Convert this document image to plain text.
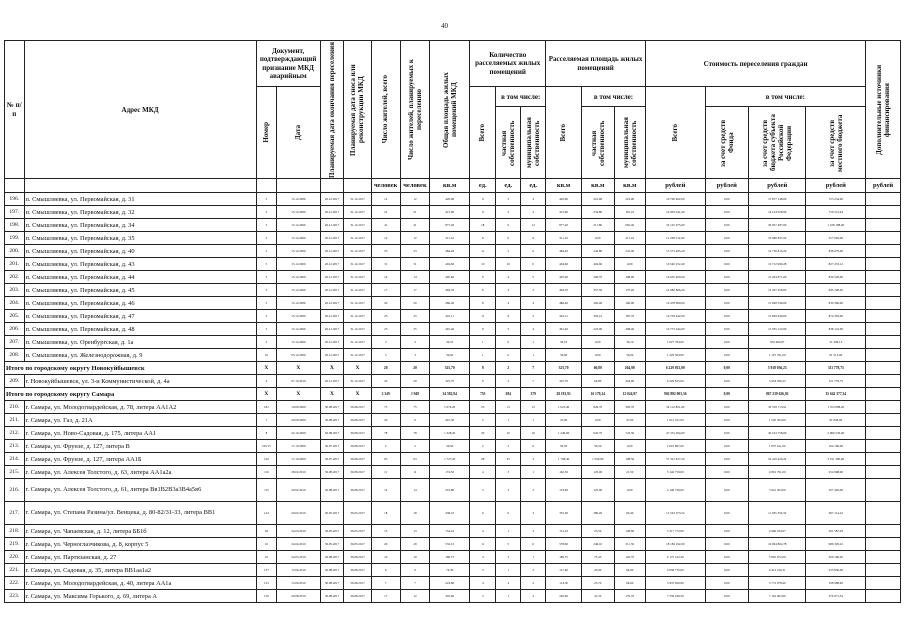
40
№ п/п	Адрес МКД	Документ, подтверждающий признание МКД аварийным		Планируемая дата окончания переселения	Планируемая дата сноса или реконструкции МКД	Число жителей, всего	Число жителей, планируемых к переселению	Общая площадь жилых помещений МКД	Количество расселяемых жилых помещений			Расселяемая площадь жилых помещений			Стоимость переселения граждан				Дополнительные источники финансирования

		Номер	Дата						Всего	в том числе:		Всего	в том числе:		Всего	в том числе:			

										частная собственность	муниципальная собственность		частная собственность	муниципальная собственность		за счет средств Фонда	за счет средств бюджета субъекта Российской Федерации	за счет средств местного бюджета	

						человек	человек	кв.м	ед.	ед.	ед.	кв.м	кв.м	кв.м	рублей	рублей	рублей	рублей	рублей
196.	п. Смышляевка, ул. Первомайская, д. 31	5	15.12.2006	20.12.2017	31.12.2017	12	12	420,90	9	5	4	420,90	201,90	219,00	16 700 402,00	0,00	15 877 148,00	723 254,00	
197.	п. Смышляевка, ул. Первомайская, д. 32	5	15.12.2006	20.12.2017	31.12.2017	21	21	415,90	9	5	4	415,90	234,80	181,10	14 903 241,40	0,00	14 144 028,96	759 212,44	
198.	п. Смышляевка, ул. Первомайская, д. 34	5	15.12.2006	20.12.2017	31.12.2017	41	41	877,20	18	6	12	877,20	211,80	665,40	32 125 675,00	0,00	30 957 487,00	1 168 188,00	
199.	п. Смышляевка, ул. Первомайская, д. 35	5	15.12.2006	20.12.2017	31.12.2017	12	12	311,10	8	0	8	311,10	0,00	311,10	11 238 512,00	0,00	10 680 847,00	557 665,00	
200.	п. Смышляевка, ул. Первомайская, д. 40	5	15.12.2006	20.12.2017	31.12.2017	23	23	484,20	11	5	6	484,20	242,80	241,40	15 573 495,20	0,00	14 736 816,20	836 679,00	
201.	п. Смышляевка, ул. Первомайская, д. 43	5	15.12.2006	20.12.2017	31.12.2017	31	31	404,60	10	10	0	404,60	404,60	0,00	16 540 252,40	0,00	15 712 999,28	827 253,12	
202.	п. Смышляевка, ул. Первомайская, д. 44	5	15.12.2006	20.12.2017	31.12.2017	14	14	405,60	9	4	5	405,60	206,70	198,90	16 035 400,00	0,00	15 204 871,00	830 529,00	
203.	п. Смышляевка, ул. Первомайская, д. 45	5	15.12.2006	20.12.2017	31.12.2017	17	17	494,70	6	4	2	494,70	357,50	137,20	14 082 806,20	0,00	13 437 458,00	645 348,20	
204.	п. Смышляевка, ул. Первомайская, д. 46	5	15.12.2006	20.12.2017	31.12.2017	20	20	486,40	8	4	4	486,40	320,40	166,00	16 478 900,00	0,00	15 648 540,00	830 360,00	
205.	п. Смышляевка, ул. Первомайская, д. 47	5	15.12.2006	20.12.2017	31.12.2017	25	25	491,11	11	9	2	491,11	303,41	187,70	16 703 442,00	0,00	15 829 049,00	874 393,00	
206.	п. Смышляевка, ул. Первомайская, д. 48	5	15.12.2006	20.12.2017	31.12.2017	25	25	491,40	9	5	4	491,40	223,00	268,40	16 773 244,00	0,00	15 935 122,00	838 122,00	
207.	п. Смышляевка, ул. Оренбургская, д. 1а	5	15.12.2006	20.12.2017	31.12.2017	3	3	30,10	1	0	1	30,10	0,00	30,10	1 027 784,00	0,00	976 484,87	51 299,13	
208.	п. Смышляевка, ул. Железнодорожная, д. 9	16	05.12.2006	20.12.2017	31.12.2017	3	3	36,00	1	0	1	36,00	0,00	36,00	1 229 304,00	0,00	1 167 791,00	61 513,00	
Итого по городскому округу Новокуйбышевск		X	X	X	X	20	20	325,70	9	2	7	325,70	60,80	264,90	6 229 815,00	0,00	5 918 036,25	311 778,75	
209.	г. Новокуйбышевск, ул. 3-и Коммунистической, д. 4а	4	07.10.2010	20.12.2017	31.12.2017	20	20	325,70	9	2	7	325,70	60,80	264,90	6 229 815,00	0,00	5 918 036,25	311 778,75	
Итого по городскому округу Самара		X	X	X	X	2 349	1 949	34 582,94	755	384	379	28 181,91	16 179,24	12 024,97	902 882 003,36	0,00	867 239 626,02	35 642 377,34	
210.	г. Самара, ул. Молодогвардейская, д. 78, литера АА1А2	181	10.09.2009	30.08.2017	30.08.2017	75	75	1 074,20	25	13	12	1 023,40	629,70	393,70	34 112 801,00	0,00	32 559 713,91	1 553 088,00	
211.	г. Самара, ул. Газ, д. 21А	7	20.09.2009	30.08.2017	30.08.2017	26	6	491,30	2	1	1	47,00	0,00	47,00	1 612 191,00	0,00	1 520 363,60	91 828,00	
212.	г. Самара, ул. Ново-Садовая, д. 175, литера АА1	8	22.10.2009	30.08.2017	30.08.2017	78	78	1 328,20	26	16	10	1 249,00	645,70	723,30	47 231 294,00	0,00	45 164 758,00	2 066 536,00	
213.	г. Самара, ул. Фрунзе, д. 127, литера В	235/15	17.10.2009	30.07.2017	30.08.2017	2	2	59,50	2	2	0	59,50	59,50	0,00	2 001 807,00	0,00	1 837 611,00	164 196,00	
214.	г. Самара, ул. Фрунзе, д. 127, литера АА1Б	120	17.10.2009	30.07.2017	30.08.2017	63	63	1 727,20	28	25	3	1 708,40	1 509,90	198,50	57 321 817,20	0,00	54 410 426,24	2 911 390,96	
215.	г. Самара, ул. Алексея Толстого, д. 63, литера АА1а2а	116	28.02.2010	30.08.2017	30.08.2017	11	11	174,50	4	3	1	146,50	125,00	21,50	5 146 759,00	0,00	4 891 791,00	254 968,00	
216.	г. Самара, ул. Алексея Толстого, д. 61, литера Вв1В2В3а3В4а5в6	115	20.02.2010	30.08.2017	30.08.2017	14	14	219,80	5	3	2	133,90	125,00	0,00	4 148 729,00	0,00	3 941 303,00	207 426,00	
217.	г. Самара, ул. Степана Разина/ул. Венцека, д. 80-82/31-33, литера ВВ1	124	20.02.2010	30.05.2017	30.05.2017	18	18	438,10	9	6	3	355,60	286,20	69,40	12 543 373,54	0,00	11 935 359,32	607 114,22	
218.	г. Самара, ул. Чапаевская, д. 12, литера ББ1б	62	24.03.2010	30.05.2017	30.05.2017	13	13	154,10	4	1	3	151,10	23,50	128,60	5 217 772,00	0,00	4 966 184,97	261 587,03	
219.	г. Самара, ул. Черноглазчикова, д. 8, корпус 5	16	24.04.2010	30.05.2017	30.05.2017	29	29	532,10	11	5	6	578,60	246,10	311,50	18 184 192,00	0,00	16 994 862,78	989 329,22	
220.	г. Самара, ул. Партизанская, д. 27	16	24.05.2010	30.08.2017	30.08.2017	10	10	180,75	4	3	1	180,75	75,45	102,70	6 175 162,20	0,00	5 865 972,00	309 190,20	
221.	г. Самара, ул. Садовая, д. 35, литера ВВ1аа1а2	137	15.06.2010	30.08.2017	30.08.2017	6	6	74,30	3	1	2	117,60	45,00	94,90	4 658 770,00	0,00	4 412 216,31	255 830,00	
222.	г. Самара, ул. Молодогвардейская, д. 40, литера АА1а	125	15.06.2010	30.08.2017	30.08.2017	7	7	224,80	4	2	2	114,30	23,70	90,60	3 970 920,00	0,00	3 772 978,40	198 988,40	
223.	г. Самара, ул. Максима Горького, д. 69, литера А	150	20.08.2010	30.08.2017	30.08.2017	17	12	345,60	5	1	4	220,60	41,50	179,70	7 539 430,56	0,00	7 162 463,96	376 971,54	
